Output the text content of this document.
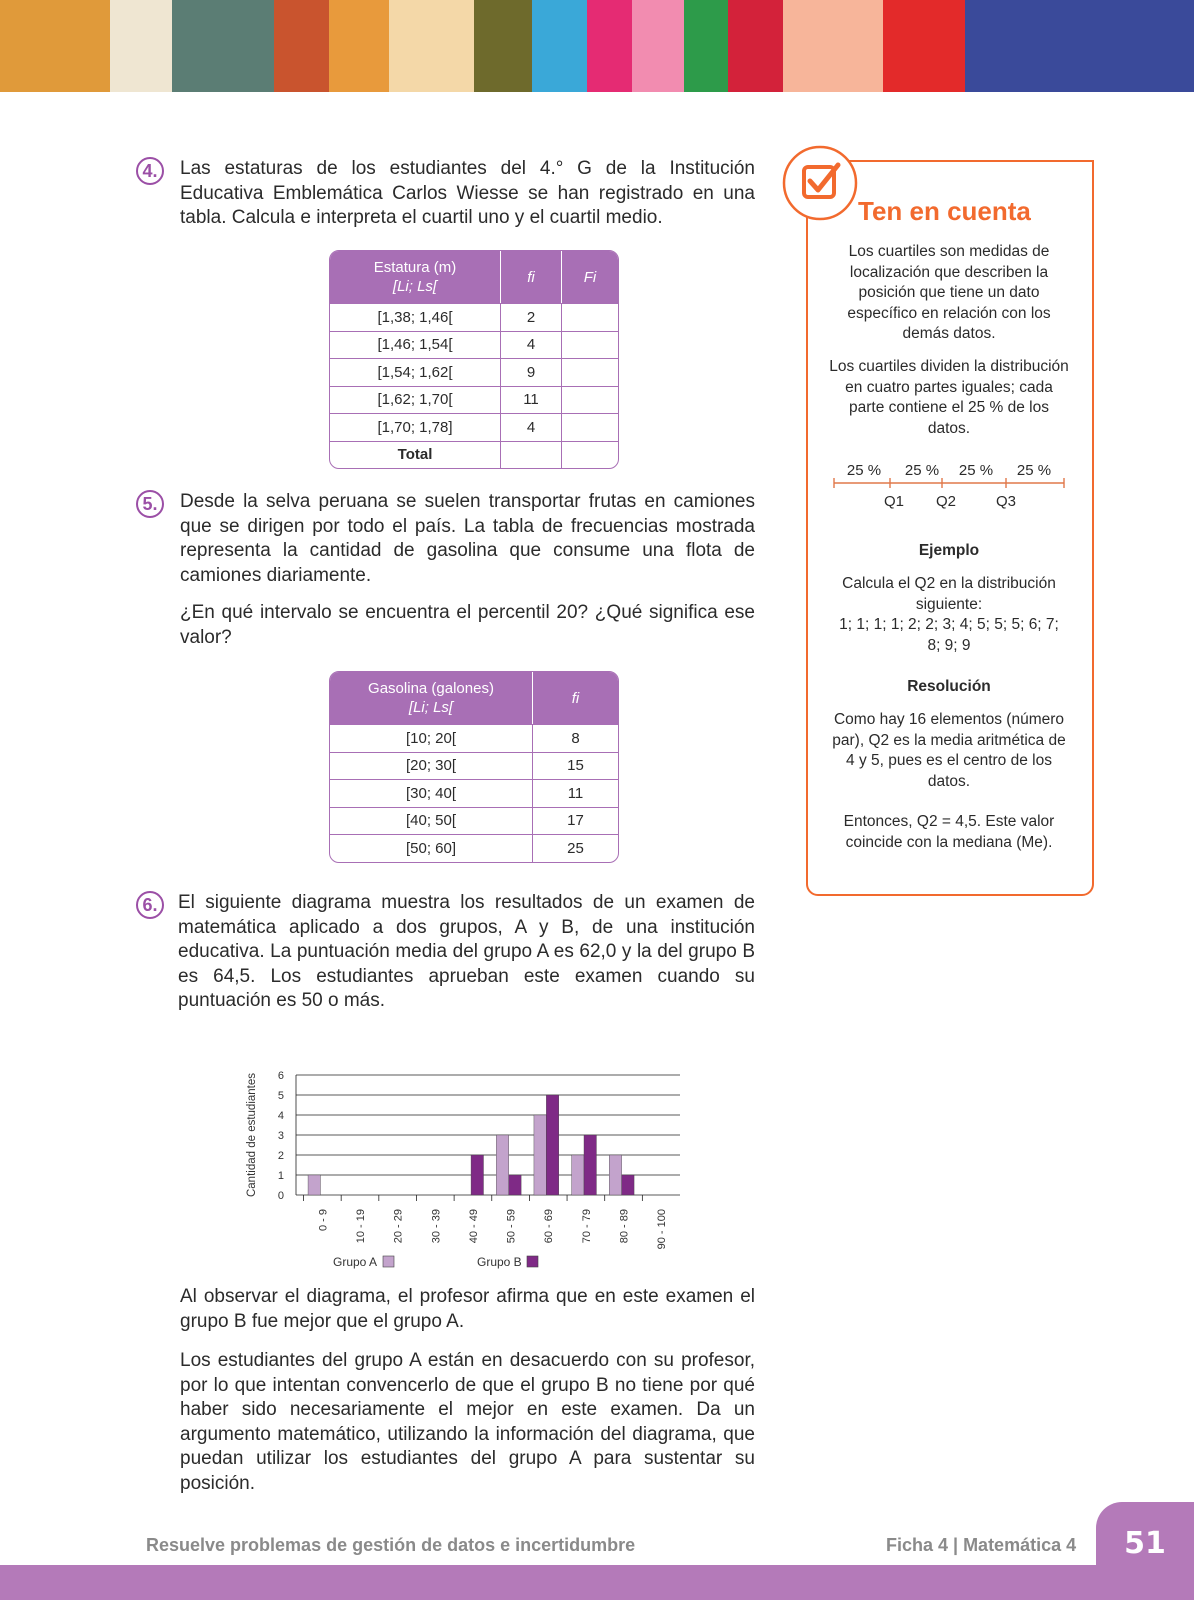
4.	Las estaturas de los estudiantes del 4.° G de la Institución Educativa Emblemática Carlos Wiesse se han registrado en una tabla. Calcula e interpreta el cuartil uno y el cuartil medio.
Estatura (m)
[Li; Ls[	fi	Fi
[1,38; 1,46[	2	
[1,46; 1,54[	4	
[1,54; 1,62[	9	
[1,62; 1,70[	11	
[1,70; 1,78]	4	
Total		
5.	Desde la selva peruana se suelen transportar frutas en camiones que se dirigen por todo el país. La tabla de frecuencias mostrada representa la cantidad de gasolina que consume una flota de camiones diariamente.
¿En qué intervalo se encuentra el percentil 20? ¿Qué significa ese valor?
Gasolina (galones)
[Li; Ls[	fi
[10; 20[	8
[20; 30[	15
[30; 40[	11
[40; 50[	17
[50; 60]	25
6.	El siguiente diagrama muestra los resultados de un examen de matemática aplicado a dos grupos, A y B, de una institución educativa. La puntuación media del grupo A es 62,0 y la del grupo B es 64,5. Los estudiantes aprueban este examen cuando su puntuación es 50 o más.
0
1
2
3
4
5
6
Cantidad de estudiantes
0 - 9 10 - 19 20 - 29 30 - 39 40 - 49 50 - 59 60 - 69 70 - 79 80 - 89 90 - 100
Grupo A	Grupo B
Al observar el diagrama, el profesor afirma que en este examen el grupo B fue mejor que el grupo A.
Los estudiantes del grupo A están en desacuerdo con su profesor, por lo que intentan convencerlo de que el grupo B no tiene por qué haber sido necesariamente el mejor en este examen. Da un argumento matemático, utilizando la información del diagrama, que puedan utilizar los estudiantes del grupo A para sustentar su posición.
Ten en cuenta
Los cuartiles son medidas de localización que describen la posición que tiene un dato específico en relación con los demás datos.
Los cuartiles dividen la distribución en cuatro partes iguales; cada parte contiene el 25 % de los datos.
25 % 25 % 25 % 25 %
Q1 Q2	Q3
Ejemplo
Calcula el Q2 en la distribución siguiente:
1; 1; 1; 1; 2; 2; 3; 4; 5; 5; 5; 6; 7; 8; 9; 9
Resolución
Como hay 16 elementos (número par), Q2 es la media aritmética de 4 y 5, pues es el centro de los datos.
Entonces, Q2 = 4,5. Este valor coincide con la mediana (Me).
51
Resuelve problemas de gestión de datos e incertidumbre	Ficha 4 | Matemática 4
